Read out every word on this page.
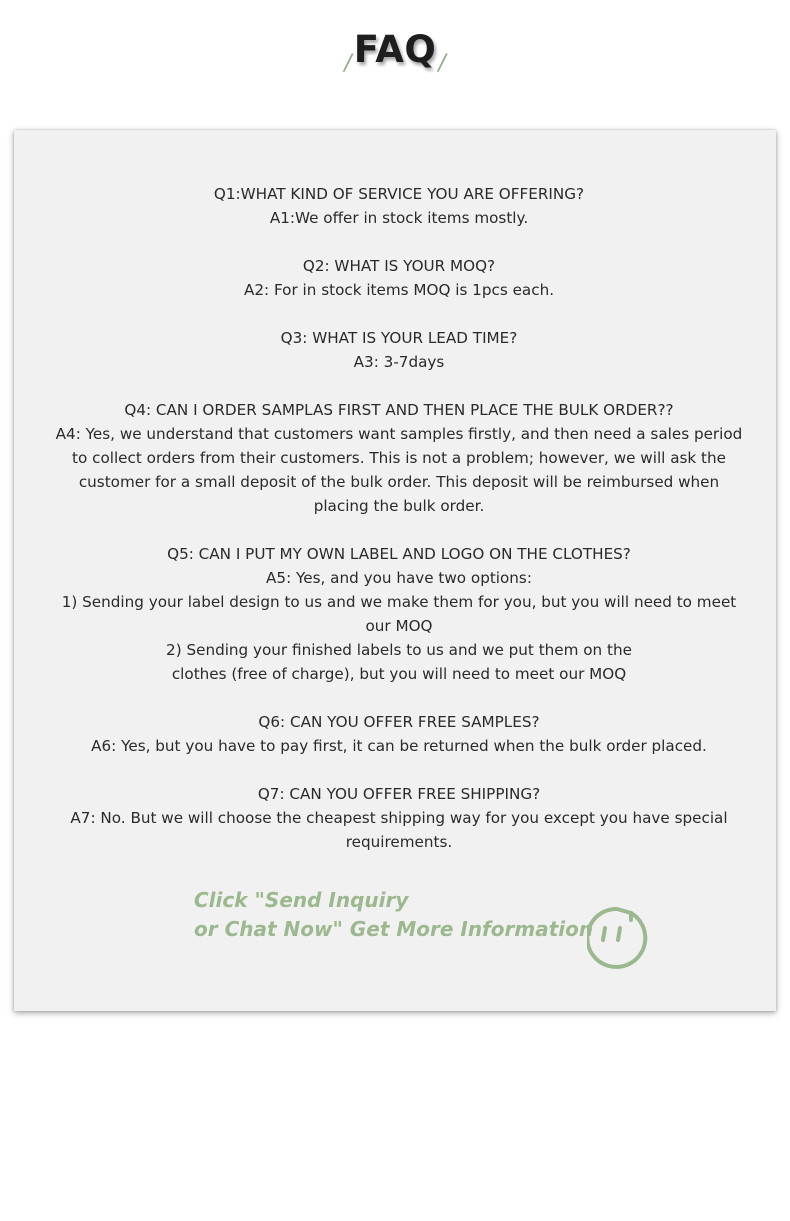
/FAQ/

Q1:WHAT KIND OF SERVICE YOU ARE OFFERING?

A1:We offer in stock items mostly.

Q2: WHAT IS YOUR MOQ?

A2: For in stock items MOQ is 1pcs each.

Q3: WHAT IS YOUR LEAD TIME?

A3: 3-7days

Q4: CAN I ORDER SAMPLAS FIRST AND THEN PLACE THE BULK ORDER??

A4: Yes, we understand that customers want samples firstly, and then need a sales period to collect orders from their customers. This is not a problem; however, we will ask the customer for a small deposit of the bulk order. This deposit will be reimbursed when placing the bulk order.

Q5: CAN I PUT MY OWN LABEL AND LOGO ON THE CLOTHES?

A5: Yes, and you have two options:

1) Sending your label design to us and we make them for you, but you will need to meet our MOQ

2) Sending your finished labels to us and we put them on the

clothes (free of charge), but you will need to meet our MOQ

Q6: CAN YOU OFFER FREE SAMPLES?

A6: Yes, but you have to pay first, it can be returned when the bulk order placed.

Q7: CAN YOU OFFER FREE SHIPPING?

A7: No. But we will choose the cheapest shipping way for you except you have special requirements.

Click "Send Inquiry
or Chat Now" Get More Information
